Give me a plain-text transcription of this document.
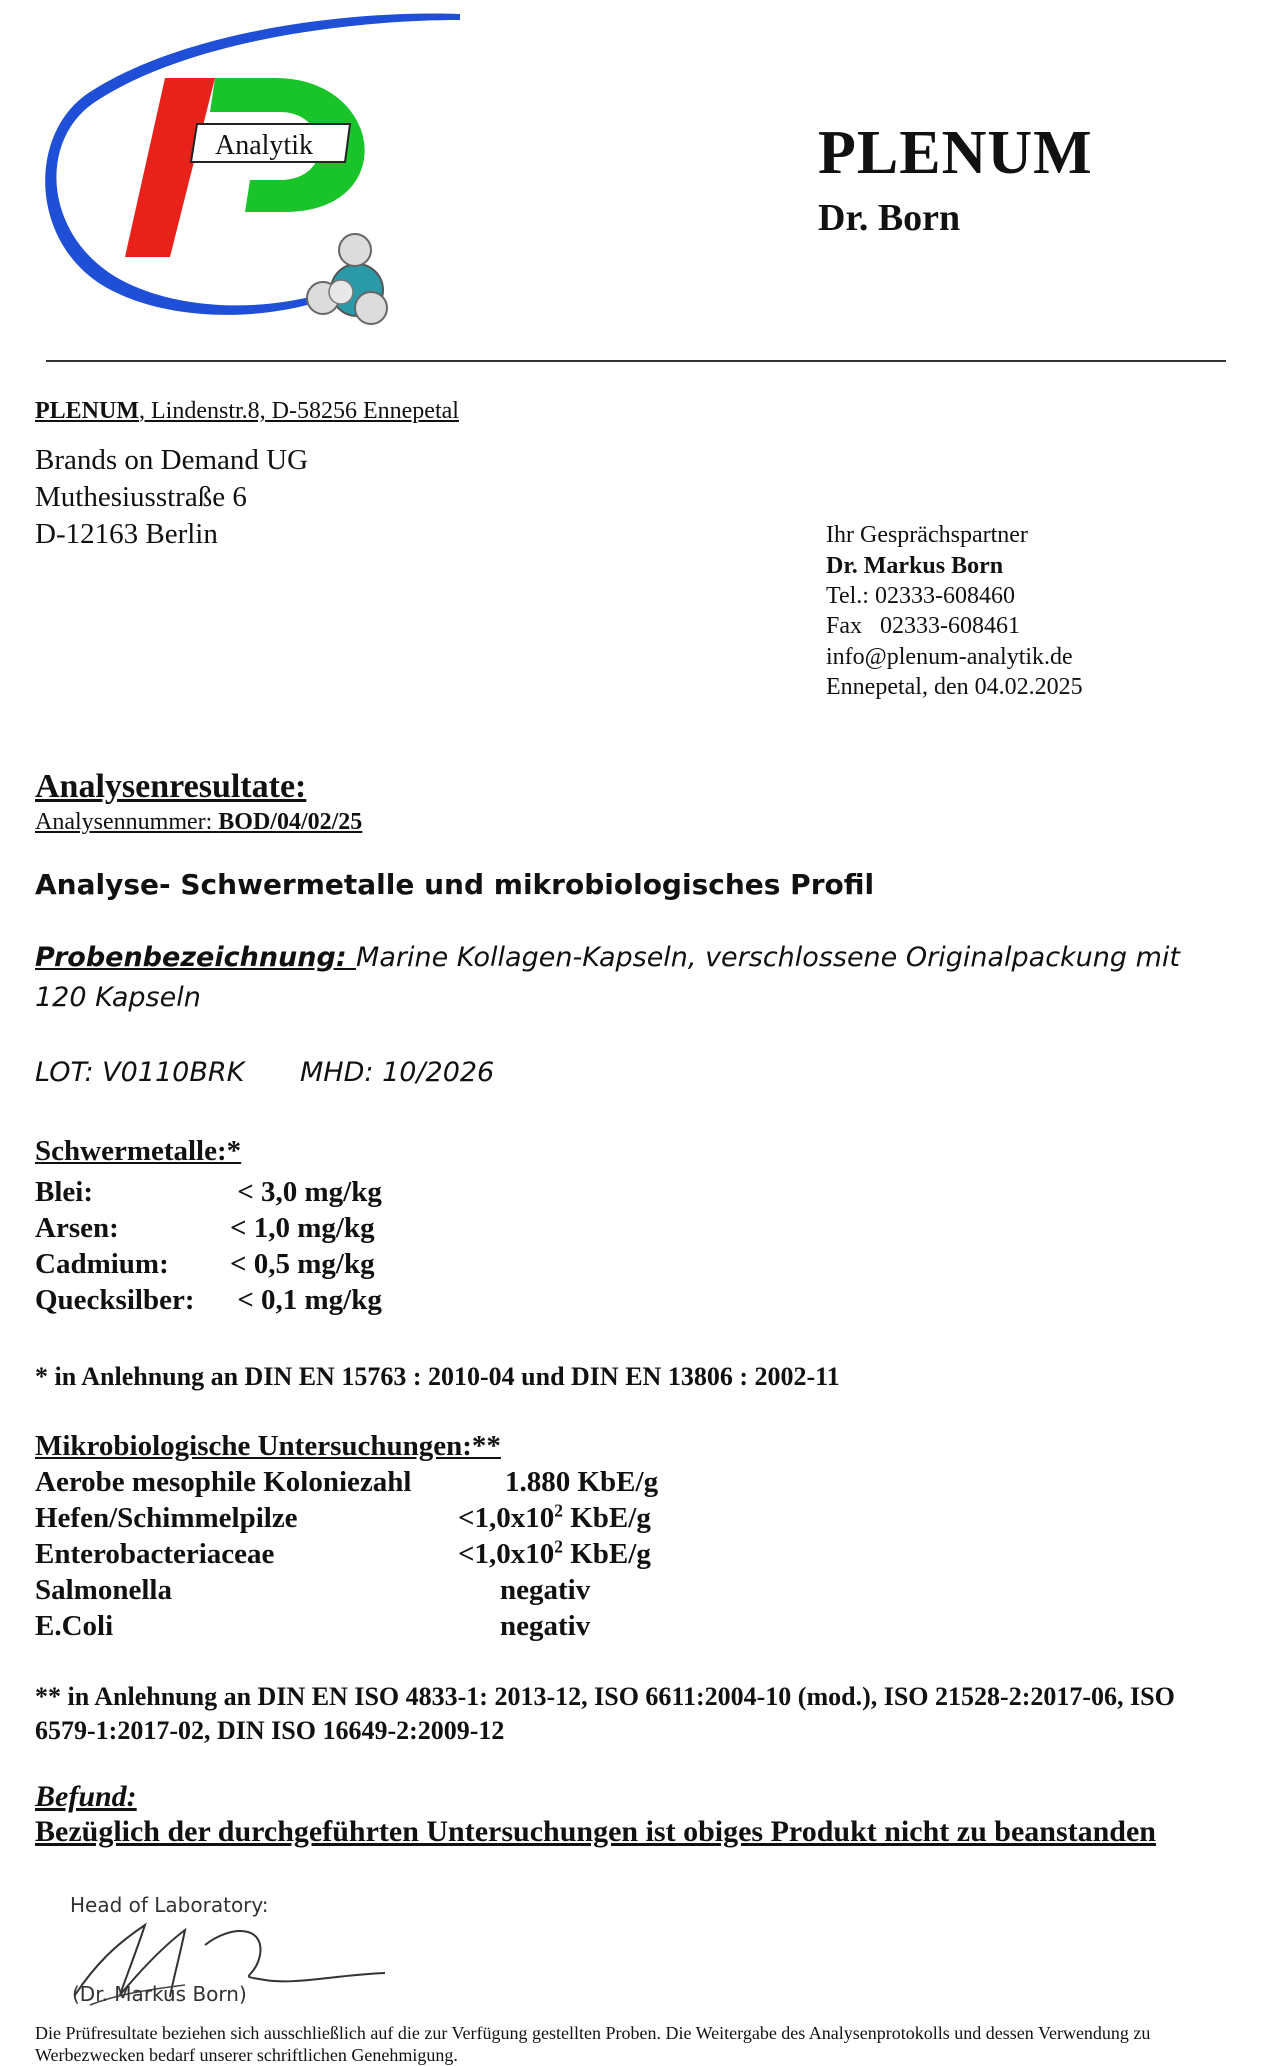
Analytik	PLENUM
Dr. Born
PLENUM, Lindenstr.8, D-58256 Ennepetal
Brands on Demand UG
Muthesiusstraße 6
D-12163 Berlin	Ihr Gesprächspartner
Dr. Markus Born
Tel.: 02333-608460
Fax   02333-608461
info@plenum-analytik.de
Ennepetal, den 04.02.2025
Analysenresultate:
Analysennummer: BOD/04/02/25
Analyse- Schwermetalle und mikrobiologisches Profil
Probenbezeichnung: Marine Kollagen-Kapseln, verschlossene Originalpackung mit 120 Kapseln
LOT: V0110BRK MHD: 10/2026
Schwermetalle:*
Blei:	< 3,0 mg/kg
Arsen:	< 1,0 mg/kg
Cadmium: < 0,5 mg/kg
Quecksilber: < 0,1 mg/kg
* in Anlehnung an DIN EN 15763 : 2010-04 und DIN EN 13806 : 2002-11
Mikrobiologische Untersuchungen:**
Aerobe mesophile Koloniezahl	1.880 KbE/g
Hefen/Schimmelpilze	$<1,0x10^2$ KbE/g
Enterobacteriaceae	$<1,0x10^2$ KbE/g
Salmonella	negativ
E.Coli	negativ
** in Anlehnung an DIN EN ISO 4833-1: 2013-12, ISO 6611:2004-10 (mod.), ISO 21528-2:2017-06, ISO 6579-1:2017-02, DIN ISO 16649-2:2009-12
Befund:
Bezüglich der durchgeführten Untersuchungen ist obiges Produkt nicht zu beanstanden
Head of Laboratory:
(Dr. Markus Born)
Die Prüfresultate beziehen sich ausschließlich auf die zur Verfügung gestellten Proben. Die Weitergabe des Analysenprotokolls und dessen Verwendung zu Werbezwecken bedarf unserer schriftlichen Genehmigung.
